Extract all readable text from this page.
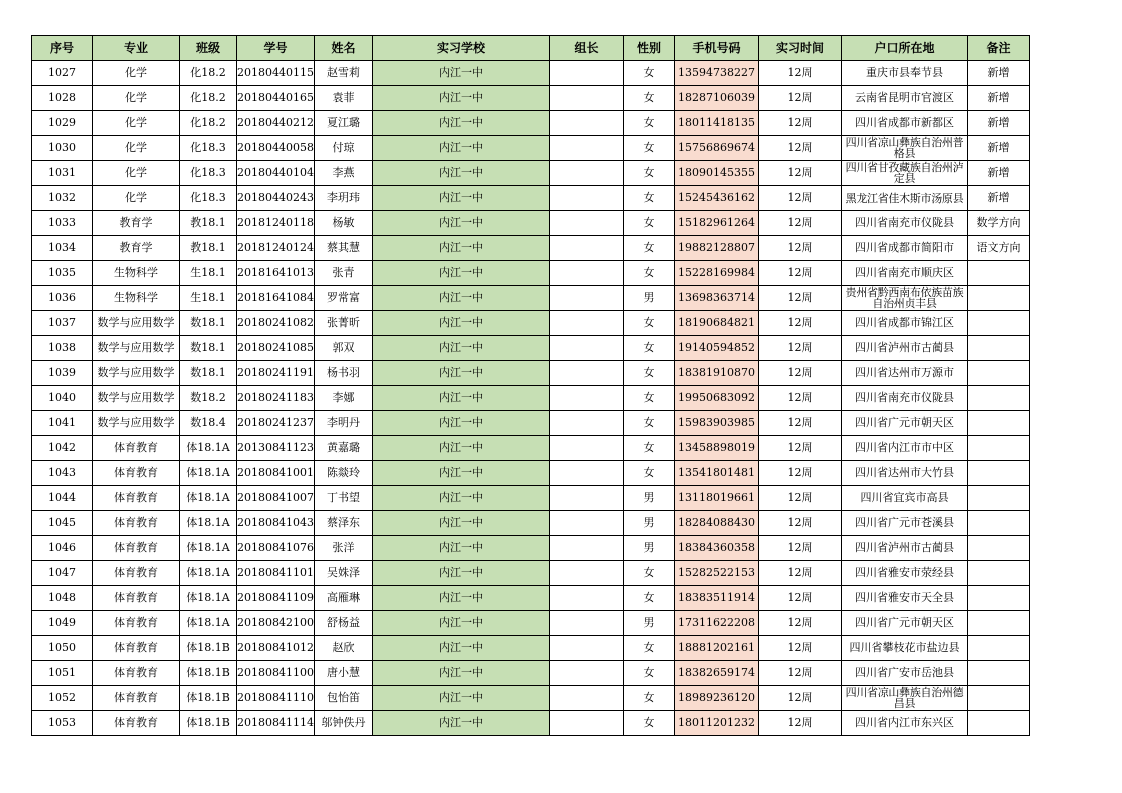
序号	专业	班级	学号	姓名	实习学校	组长	性别	手机号码	实习时间	户口所在地	备注
1027	化学	化18.2	20180440115	赵雪莉	内江一中		女	13594738227	12周	重庆市县奉节县	新增
1028	化学	化18.2	20180440165	袁菲	内江一中		女	18287106039	12周	云南省昆明市官渡区	新增
1029	化学	化18.2	20180440212	夏江璐	内江一中		女	18011418135	12周	四川省成都市新都区	新增
1030	化学	化18.3	20180440058	付琼	内江一中		女	15756869674	12周	四川省凉山彝族自治州普格县	新增
1031	化学	化18.3	20180440104	李燕	内江一中		女	18090145355	12周	四川省甘孜藏族自治州泸定县	新增
1032	化学	化18.3	20180440243	李玥玮	内江一中		女	15245436162	12周	黑龙江省佳木斯市汤原县	新增
1033	教育学	教18.1	20181240118	杨敏	内江一中		女	15182961264	12周	四川省南充市仪陇县	数学方向
1034	教育学	教18.1	20181240124	蔡其慧	内江一中		女	19882128807	12周	四川省成都市简阳市	语文方向
1035	生物科学	生18.1	20181641013	张青	内江一中		女	15228169984	12周	四川省南充市顺庆区	
1036	生物科学	生18.1	20181641084	罗常富	内江一中		男	13698363714	12周	贵州省黔西南布依族苗族自治州贞丰县	
1037	数学与应用数学	数18.1	20180241082	张菁昕	内江一中		女	18190684821	12周	四川省成都市锦江区	
1038	数学与应用数学	数18.1	20180241085	郭双	内江一中		女	19140594852	12周	四川省泸州市古蔺县	
1039	数学与应用数学	数18.1	20180241191	杨书羽	内江一中		女	18381910870	12周	四川省达州市万源市	
1040	数学与应用数学	数18.2	20180241183	李娜	内江一中		女	19950683092	12周	四川省南充市仪陇县	
1041	数学与应用数学	数18.4	20180241237	李明丹	内江一中		女	15983903985	12周	四川省广元市朝天区	
1042	体育教育	体18.1A	20130841123	黄嘉璐	内江一中		女	13458898019	12周	四川省内江市市中区	
1043	体育教育	体18.1A	20180841001	陈燚玲	内江一中		女	13541801481	12周	四川省达州市大竹县	
1044	体育教育	体18.1A	20180841007	丁书望	内江一中		男	13118019661	12周	四川省宜宾市高县	
1045	体育教育	体18.1A	20180841043	蔡泽东	内江一中		男	18284088430	12周	四川省广元市苍溪县	
1046	体育教育	体18.1A	20180841076	张洋	内江一中		男	18384360358	12周	四川省泸州市古蔺县	
1047	体育教育	体18.1A	20180841101	吴姝泽	内江一中		女	15282522153	12周	四川省雅安市荥经县	
1048	体育教育	体18.1A	20180841109	高雁琳	内江一中		女	18383511914	12周	四川省雅安市天全县	
1049	体育教育	体18.1A	20180842100	舒杨益	内江一中		男	17311622208	12周	四川省广元市朝天区	
1050	体育教育	体18.1B	20180841012	赵欣	内江一中		女	18881202161	12周	四川省攀枝花市盐边县	
1051	体育教育	体18.1B	20180841100	唐小慧	内江一中		女	18382659174	12周	四川省广安市岳池县	
1052	体育教育	体18.1B	20180841110	包怡笛	内江一中		女	18989236120	12周	四川省凉山彝族自治州德昌县	
1053	体育教育	体18.1B	20180841114	邬钟佚丹	内江一中		女	18011201232	12周	四川省内江市东兴区	
